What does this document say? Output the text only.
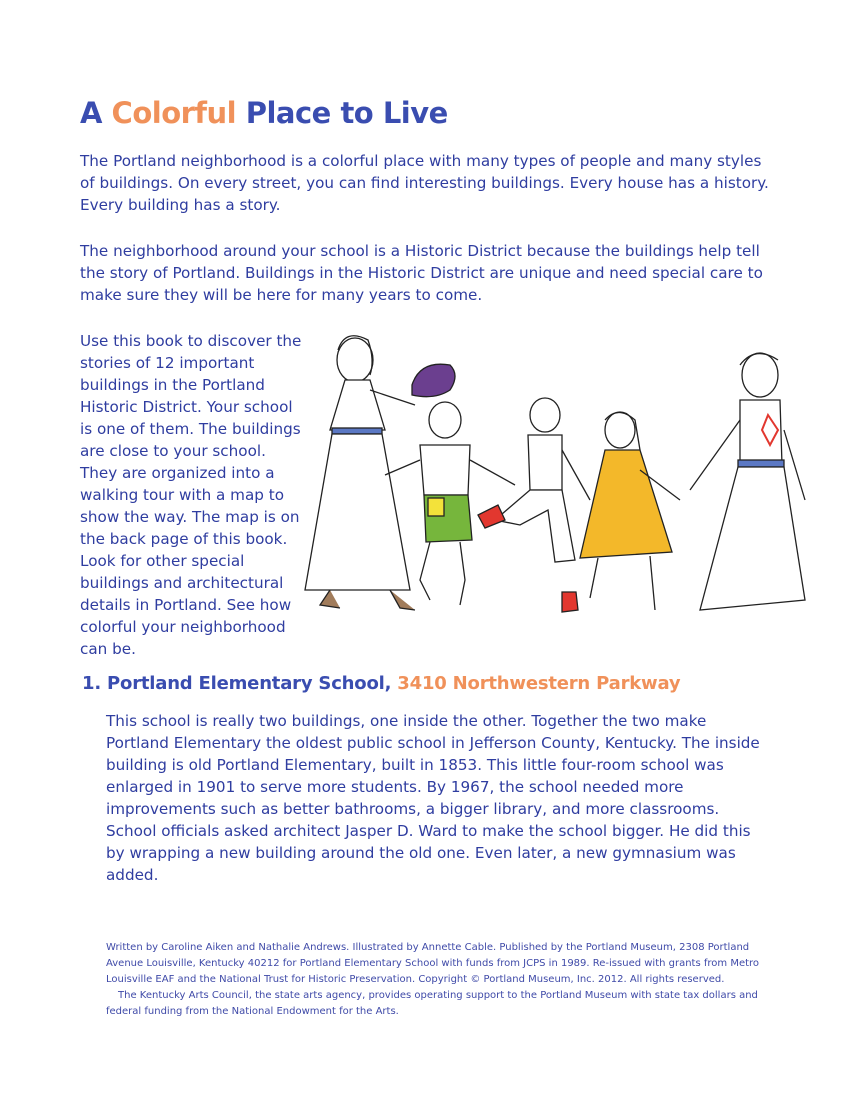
A Colorful Place to Live

The Portland neighborhood is a colorful place with many types of people and many styles of buildings. On every street, you can find interesting buildings. Every house has a history. Every building has a story.

The neighborhood around your school is a Historic District because the buildings help tell the story of Portland. Buildings in the Historic District are unique and need special care to make sure they will be here for many years to come.

Use this book to discover the stories of 12 important buildings in the Portland Historic District. Your school is one of them. The buildings are close to your school. They are organized into a walking tour with a map to show the way. The map is on the back page of this book. Look for other special buildings and architectural details in Portland. See how colorful your neighborhood can be.

1. Portland Elementary School, 3410 Northwestern Parkway

This school is really two buildings, one inside the other. Together the two make Portland Elementary the oldest public school in Jefferson County, Kentucky. The inside building is old Portland Elementary, built in 1853. This little four-room school was enlarged in 1901 to serve more students. By 1967, the school needed more improvements such as better bathrooms, a bigger library, and more classrooms. School officials asked architect Jasper D. Ward to make the school bigger. He did this by wrapping a new building around the old one. Even later, a new gymnasium was added.

Written by Caroline Aiken and Nathalie Andrews. Illustrated by Annette Cable. Published by the Portland Museum, 2308 Portland Avenue Louisville, Kentucky 40212 for Portland Elementary School with funds from JCPS in 1989. Re-issued with grants from Metro Louisville EAF and the National Trust for Historic Preservation. Copyright © Portland Museum, Inc. 2012. All rights reserved.
The Kentucky Arts Council, the state arts agency, provides operating support to the Portland Museum with state tax dollars and federal funding from the National Endowment for the Arts.
